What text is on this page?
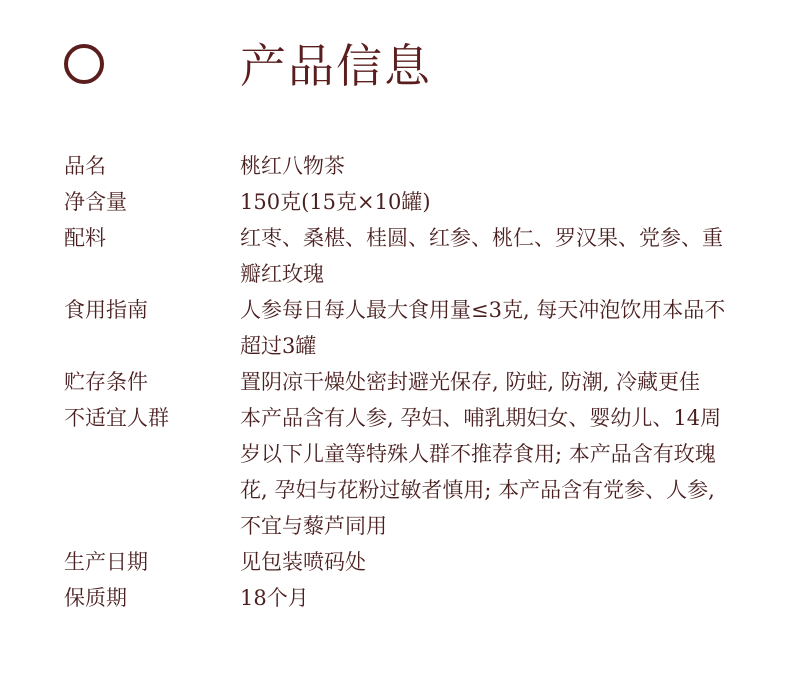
产品信息
品名	桃红八物茶
净含量	150克(15克×10罐)
配料	红枣、桑椹、桂圆、红参、桃仁、罗汉果、党参、重瓣红玫瑰
食用指南	人参每日每人最大食用量≤3克, 每天冲泡饮用本品不超过3罐
贮存条件	置阴凉干燥处密封避光保存, 防蛀, 防潮, 冷藏更佳
不适宜人群	本产品含有人参, 孕妇、哺乳期妇女、婴幼儿、14周岁以下儿童等特殊人群不推荐食用; 本产品含有玫瑰花, 孕妇与花粉过敏者慎用; 本产品含有党参、人参, 不宜与藜芦同用
生产日期	见包装喷码处
保质期	18个月
